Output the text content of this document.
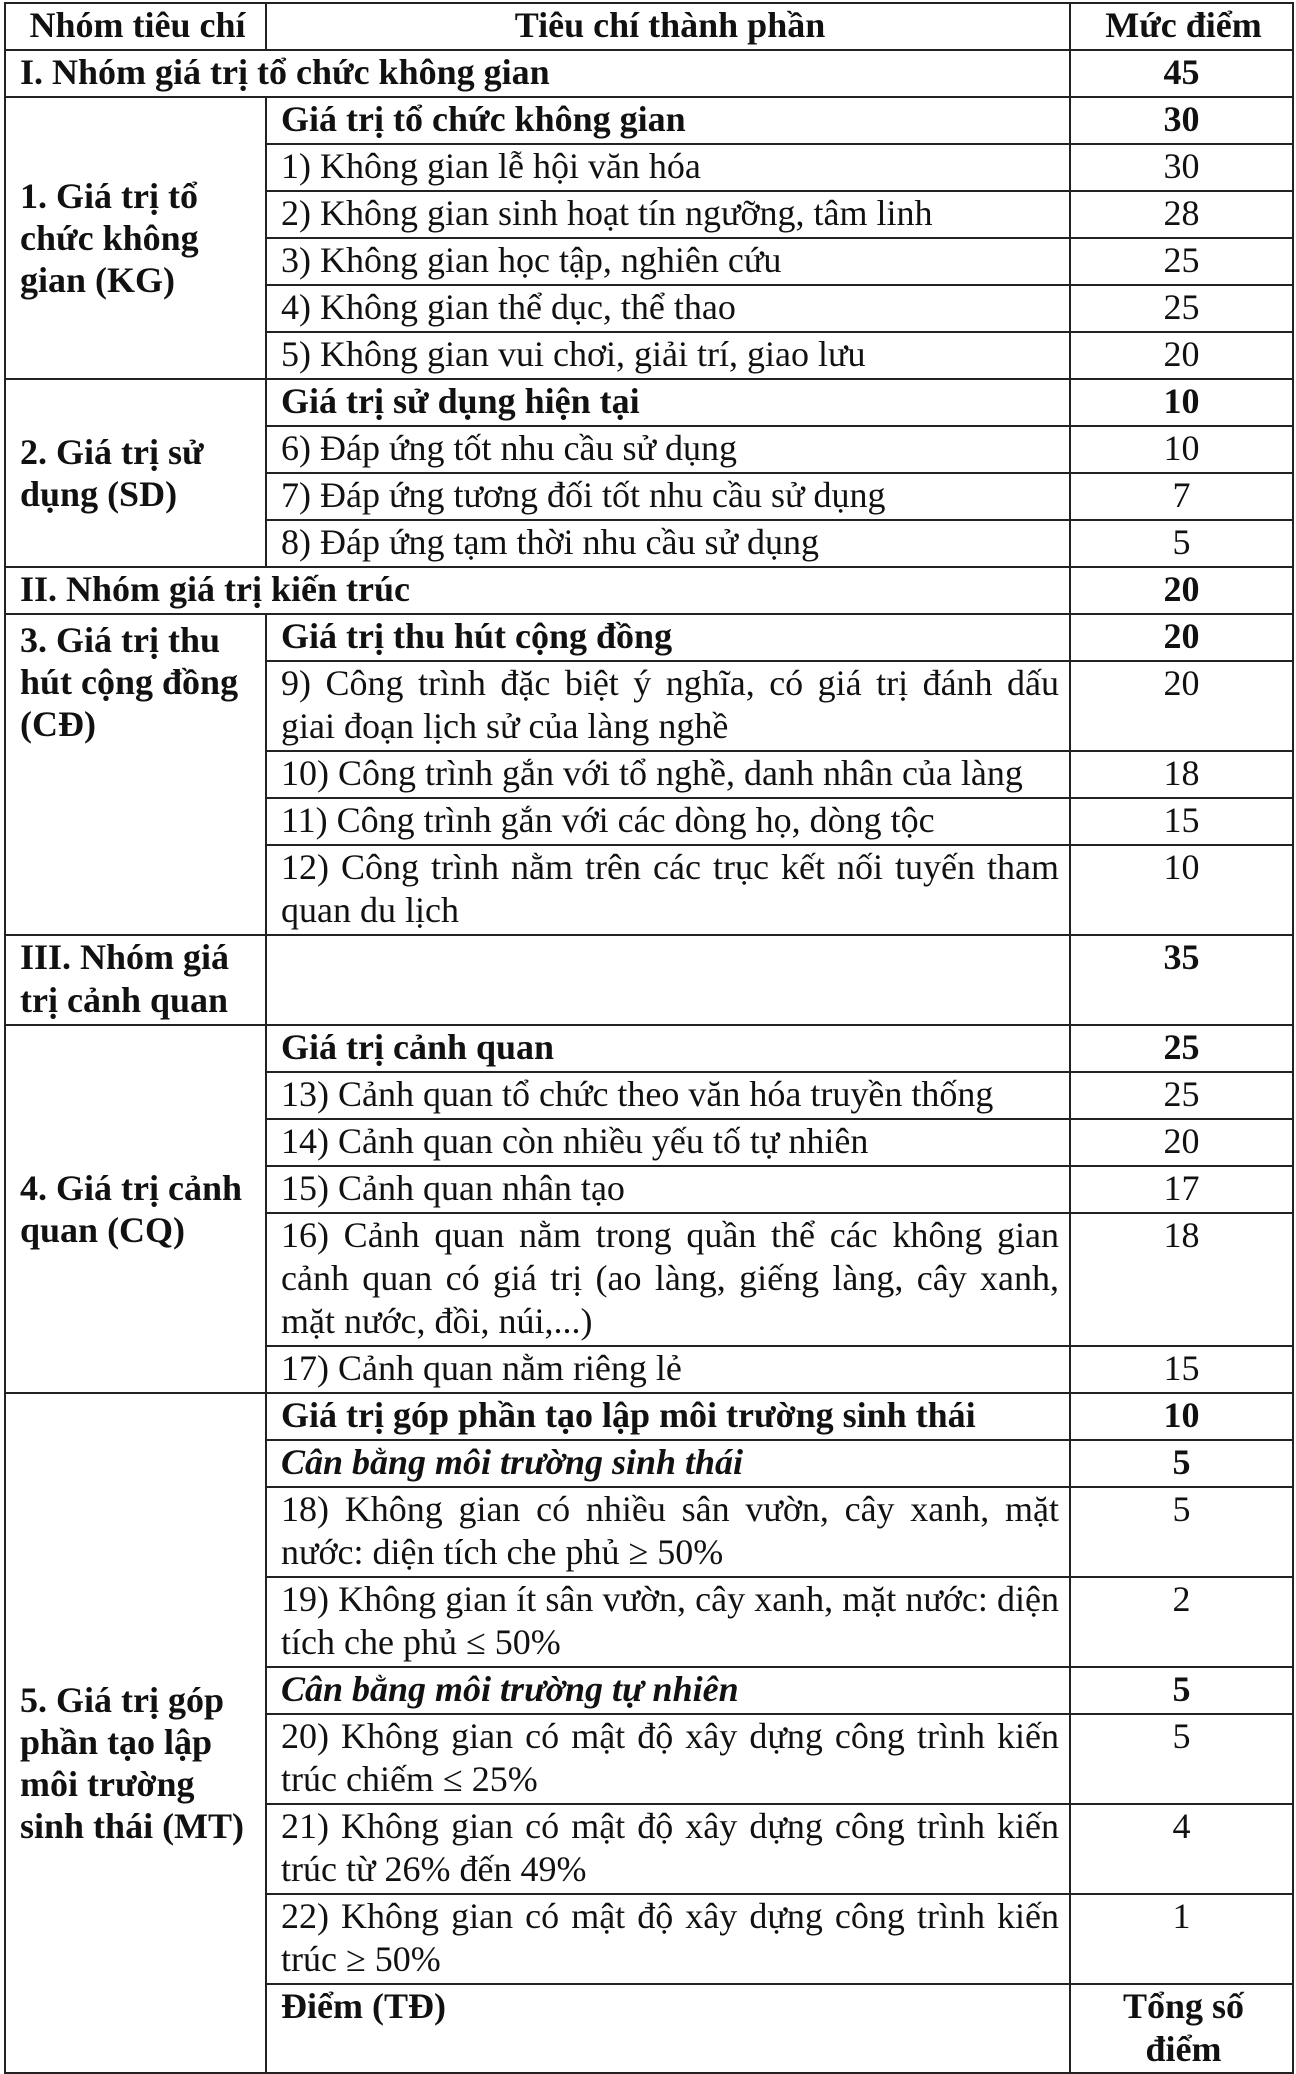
Nhóm tiêu chí	Tiêu chí thành phần	Mức điểm	
I. Nhóm giá trị tổ chức không gian		45	
1. Giá trị tổ chức không gian (KG)	Giá trị tổ chức không gian	30	
	1) Không gian lễ hội văn hóa	30	
	2) Không gian sinh hoạt tín ngưỡng, tâm linh	28	
	3) Không gian học tập, nghiên cứu	25	
	4) Không gian thể dục, thể thao	25	
	5) Không gian vui chơi, giải trí, giao lưu	20	
2. Giá trị sử dụng (SD)	Giá trị sử dụng hiện tại	10	
	6) Đáp ứng tốt nhu cầu sử dụng	10	
	7) Đáp ứng tương đối tốt nhu cầu sử dụng	7	
	8) Đáp ứng tạm thời nhu cầu sử dụng	5	
II. Nhóm giá trị kiến trúc		20	
3. Giá trị thu hút cộng đồng (CĐ)	Giá trị thu hút cộng đồng	20	
	9) Công trình đặc biệt ý nghĩa, có giá trị đánh dấu giai đoạn lịch sử của làng nghề	20	
	10) Công trình gắn với tổ nghề, danh nhân của làng	18	
	11) Công trình gắn với các dòng họ, dòng tộc	15	
	12) Công trình nằm trên các trục kết nối tuyến tham quan du lịch	10	
III. Nhóm giá trị cảnh quan		35	
4. Giá trị cảnh quan (CQ)	Giá trị cảnh quan	25	
	13) Cảnh quan tổ chức theo văn hóa truyền thống	25	
	14) Cảnh quan còn nhiều yếu tố tự nhiên	20	
	15) Cảnh quan nhân tạo	17	
	16) Cảnh quan nằm trong quần thể các không gian cảnh quan có giá trị (ao làng, giếng làng, cây xanh, mặt nước, đồi, núi,...)	18	
	17) Cảnh quan nằm riêng lẻ	15	
5. Giá trị góp phần tạo lập môi trường sinh thái (MT)	Giá trị góp phần tạo lập môi trường sinh thái	10	
	Cân bằng môi trường sinh thái	5	
	18) Không gian có nhiều sân vườn, cây xanh, mặt nước: diện tích che phủ ≥ 50%	5	
	19) Không gian ít sân vườn, cây xanh, mặt nước: diện tích che phủ ≤ 50%	2	
	Cân bằng môi trường tự nhiên	5	
	20) Không gian có mật độ xây dựng công trình kiến trúc chiếm ≤ 25%	5	
	21) Không gian có mật độ xây dựng công trình kiến trúc từ 26% đến 49%	4	
	22) Không gian có mật độ xây dựng công trình kiến trúc ≥ 50%	1	
	Điểm (TĐ)	Tổng số điểm	
